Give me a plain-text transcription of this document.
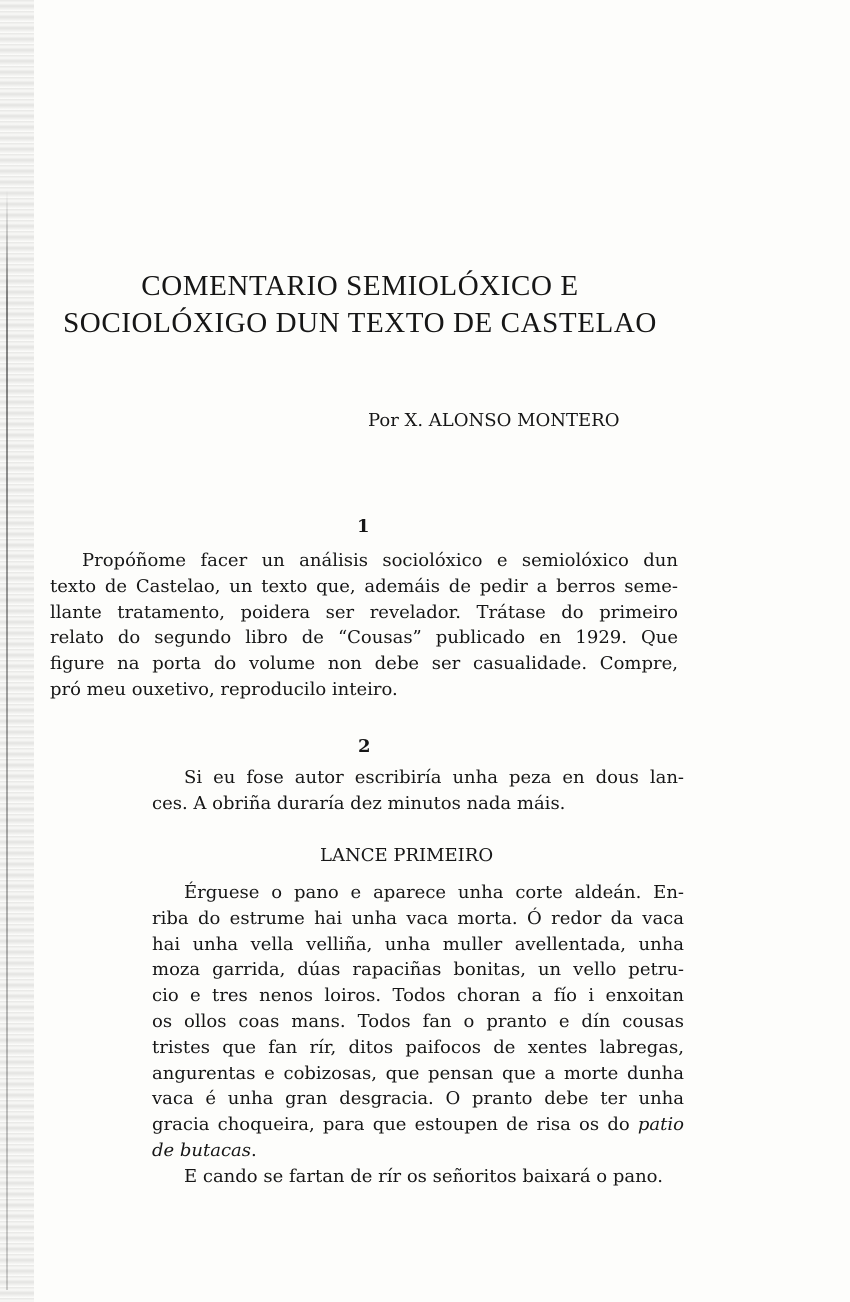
COMENTARIO SEMIOLÓXICO E
SOCIOLÓXIGO DUN TEXTO DE CASTELAO
Por X. ALONSO MONTERO
1
Propóñome facer un análisis sociolóxico e semiolóxico dun
texto de Castelao, un texto que, ademáis de pedir a berros seme-
llante tratamento, poidera ser revelador. Trátase do primeiro
relato do segundo libro de “Cousas” publicado en 1929. Que
figure na porta do volume non debe ser casualidade. Compre,
pró meu ouxetivo, reproducilo inteiro.
2
Si eu fose autor escribiría unha peza en dous lan-
ces. A obriña duraría dez minutos nada máis.
LANCE PRIMEIRO
Érguese o pano e aparece unha corte aldeán. En-
riba do estrume hai unha vaca morta. Ó redor da vaca
hai unha vella velliña, unha muller avellentada, unha
moza garrida, dúas rapaciñas bonitas, un vello petru-
cio e tres nenos loiros. Todos choran a fío i enxoitan
os ollos coas mans. Todos fan o pranto e dín cousas
tristes que fan rír, ditos paifocos de xentes labregas,
angurentas e cobizosas, que pensan que a morte dunha
vaca é unha gran desgracia. O pranto debe ter unha
gracia choqueira, para que estoupen de risa os do patio
de butacas.
E cando se fartan de rír os señoritos baixará o pano.
